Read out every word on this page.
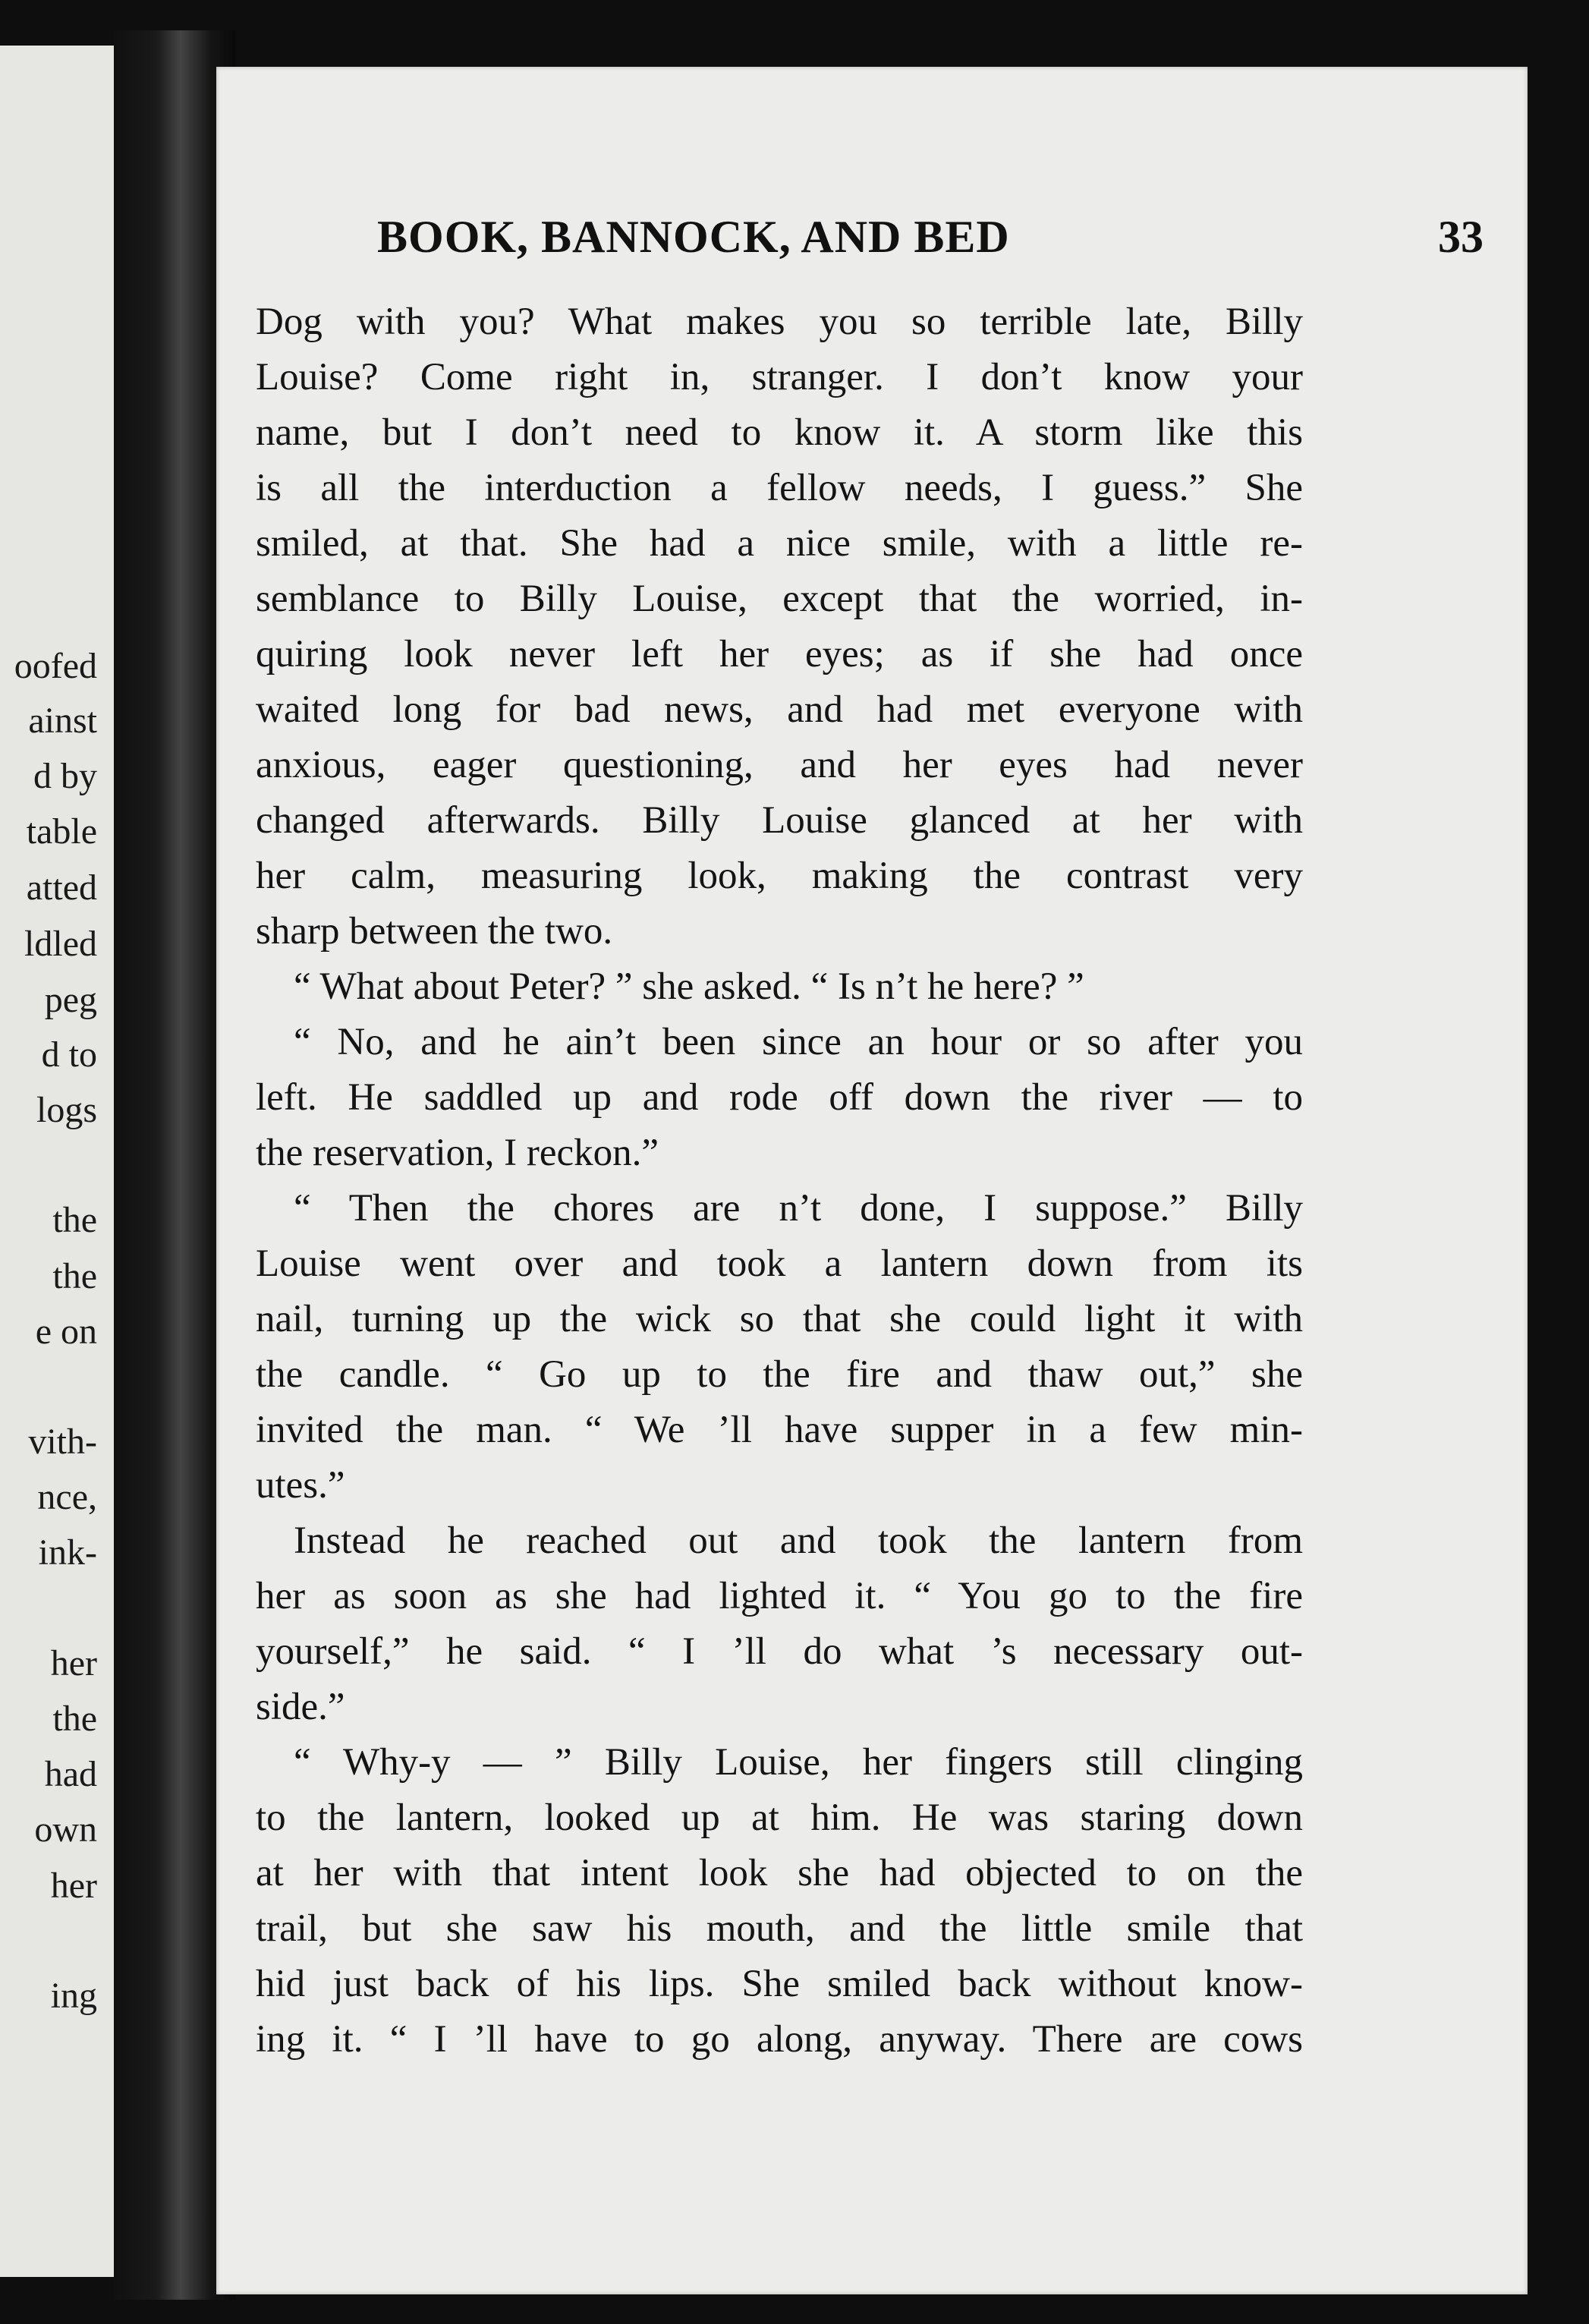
oofed
ainst
d by
table
atted
ldled
peg
d to
logs
the
the
e on
vith-
nce,
ink-
her
the
had
own
her
ing
BOOK, BANNOCK, AND BED	33
Dog with you? What makes you so terrible late, Billy
Louise? Come right in, stranger. I don’t know your
name, but I don’t need to know it. A storm like this
is all the interduction a fellow needs, I guess.” She
smiled, at that. She had a nice smile, with a little re-
semblance to Billy Louise, except that the worried, in-
quiring look never left her eyes; as if she had once
waited long for bad news, and had met everyone with
anxious, eager questioning, and her eyes had never
changed afterwards. Billy Louise glanced at her with
her calm, measuring look, making the contrast very
sharp between the two.
“ What about Peter? ” she asked. “ Is n’t he here? ”
“ No, and he ain’t been since an hour or so after you
left. He saddled up and rode off down the river — to
the reservation, I reckon.”
“ Then the chores are n’t done, I suppose.” Billy
Louise went over and took a lantern down from its
nail, turning up the wick so that she could light it with
the candle. “ Go up to the fire and thaw out,” she
invited the man. “ We ’ll have supper in a few min-
utes.”
Instead he reached out and took the lantern from
her as soon as she had lighted it. “ You go to the fire
yourself,” he said. “ I ’ll do what ’s necessary out-
side.”
“ Why-y — ” Billy Louise, her fingers still clinging
to the lantern, looked up at him. He was staring down
at her with that intent look she had objected to on the
trail, but she saw his mouth, and the little smile that
hid just back of his lips. She smiled back without know-
ing it. “ I ’ll have to go along, anyway. There are cows
